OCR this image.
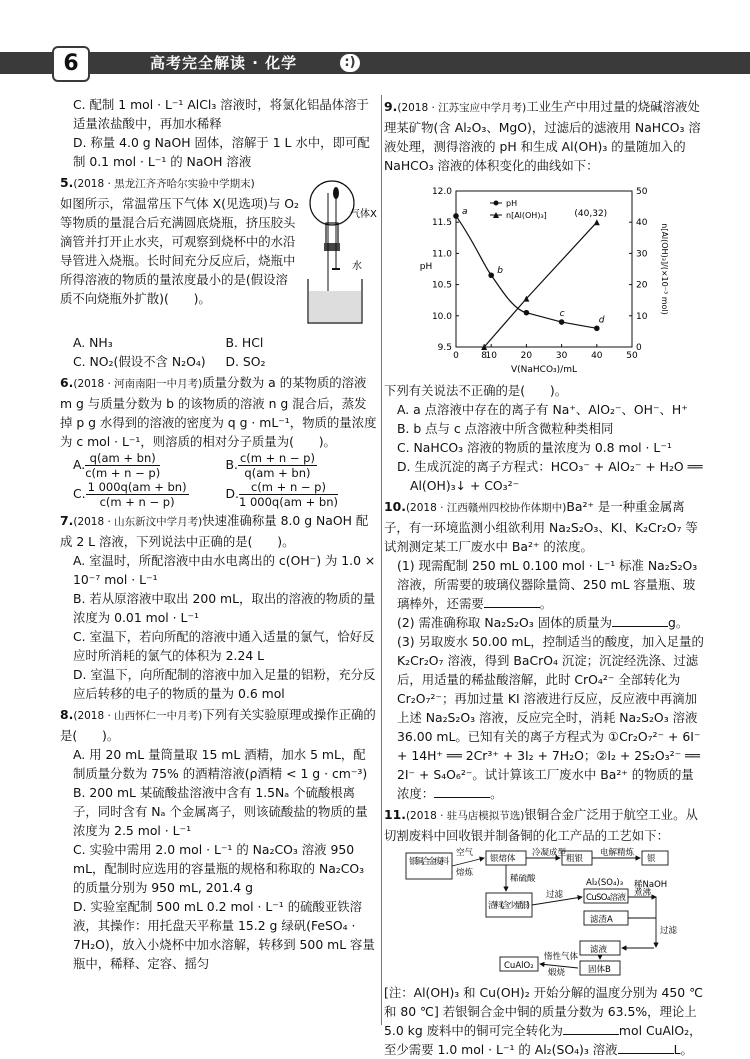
6	高考完全解读 · 化学	:)

C. 配制 1 mol · L⁻¹ AlCl₃ 溶液时，将氯化铝晶体溶于适量浓盐酸中，再加水稀释

D. 称量 4.0 g NaOH 固体，溶解于 1 L 水中，即可配制 0.1 mol · L⁻¹ 的 NaOH 溶液

气体X
水

5.(2018 · 黑龙江齐齐哈尔实验中学期末)

如图所示，常温常压下气体 X(见选项)与 O₂ 等物质的量混合后充满圆底烧瓶，挤压胶头滴管并打开止水夹，可观察到烧杯中的水沿导管进入烧瓶。长时间充分反应后，烧瓶中所得溶液的物质的量浓度最小的是(假设溶质不向烧瓶外扩散)(　　)。

A. NH₃	B. HCl
C. NO₂(假设不含 N₂O₄)	D. SO₂

6.(2018 · 河南南阳一中月考)质量分数为 a 的某物质的溶液 m g 与质量分数为 b 的该物质的溶液 n g 混合后，蒸发掉 p g 水得到的溶液的密度为 q g · mL⁻¹，物质的量浓度为 c mol · L⁻¹，则溶质的相对分子质量为(　　)。

A. $\frac{q(am + bn)}{c(m + n - p)}$	B. $\frac{c(m + n - p)}{q(am + bn)}$
C. $\frac{1 000q(am + bn)}{c(m + n - p)}$	D. $\frac{c(m + n - p)}{1 000q(am + bn)}$

7.(2018 · 山东新汶中学月考)快速准确称量 8.0 g NaOH 配成 2 L 溶液，下列说法中正确的是(　　)。

A. 室温时，所配溶液中由水电离出的 c(OH⁻) 为 1.0 × 10⁻⁷ mol · L⁻¹

B. 若从原溶液中取出 200 mL，取出的溶液的物质的量浓度为 0.01 mol · L⁻¹

C. 室温下，若向所配的溶液中通入适量的氯气，恰好反应时所消耗的氯气的体积为 2.24 L

D. 室温下，向所配制的溶液中加入足量的铝粉，充分反应后转移的电子的物质的量为 0.6 mol

8.(2018 · 山西怀仁一中月考)下列有关实验原理或操作正确的是(　　)。

A. 用 20 mL 量筒量取 15 mL 酒精，加水 5 mL，配制质量分数为 75% 的酒精溶液(ρ酒精 < 1 g · cm⁻³)

B. 200 mL 某硫酸盐溶液中含有 1.5Nₐ 个硫酸根离子，同时含有 Nₐ 个金属离子，则该硫酸盐的物质的量浓度为 2.5 mol · L⁻¹

C. 实验中需用 2.0 mol · L⁻¹ 的 Na₂CO₃ 溶液 950 mL，配制时应选用的容量瓶的规格和称取的 Na₂CO₃ 的质量分别为 950 mL, 201.4 g

D. 实验室配制 500 mL 0.2 mol · L⁻¹ 的硫酸亚铁溶液，其操作：用托盘天平称量 15.2 g 绿矾(FeSO₄ · 7H₂O)，放入小烧杯中加水溶解，转移到 500 mL 容量瓶中，稀释、定容、摇匀

9.(2018 · 江苏宝应中学月考)工业生产中用过量的烧碱溶液处理某矿物(含 Al₂O₃、MgO)，过滤后的滤液用 NaHCO₃ 溶液处理，测得溶液的 pH 和生成 Al(OH)₃ 的量随加入的 NaHCO₃ 溶液的体积变化的曲线如下：

0 8
10	20	30	40	50
9.5
10.0
10.5
11.0
11.5
12.0
0
10
20
30
40
50
V(NaHCO₃)/mL
pH	n[Al(OH)₃]/(×10⁻³ mol)
a
b
c
d
(40,32)
pH
n[Al(OH)₃]

下列有关说法不正确的是(　　)。

A. a 点溶液中存在的离子有 Na⁺、AlO₂⁻、OH⁻、H⁺

B. b 点与 c 点溶液中所含微粒种类相同

C. NaHCO₃ 溶液的物质的量浓度为 0.8 mol · L⁻¹

D. 生成沉淀的离子方程式：HCO₃⁻ + AlO₂⁻ + H₂O ══

Al(OH)₃↓ + CO₃²⁻

10.(2018 · 江西赣州四校协作体期中)Ba²⁺ 是一种重金属离子，有一环境监测小组欲利用 Na₂S₂O₃、KI、K₂Cr₂O₇ 等试剂测定某工厂废水中 Ba²⁺ 的浓度。

(1) 现需配制 250 mL 0.100 mol · L⁻¹ 标准 Na₂S₂O₃ 溶液，所需要的玻璃仪器除量筒、250 mL 容量瓶、玻璃棒外，还需要	。

(2) 需准确称取 Na₂S₂O₃ 固体的质量为	g。

(3) 另取废水 50.00 mL，控制适当的酸度，加入足量的 K₂Cr₂O₇ 溶液，得到 BaCrO₄ 沉淀；沉淀经洗涤、过滤后，用适量的稀盐酸溶解，此时 CrO₄²⁻ 全部转化为 Cr₂O₇²⁻；再加过量 KI 溶液进行反应，反应液中再滴加上述 Na₂S₂O₃ 溶液，反应完全时，消耗 Na₂S₂O₃ 溶液 36.00 mL。已知有关的离子方程式为 ①Cr₂O₇²⁻ + 6I⁻ + 14H⁺ ══ 2Cr³⁺ + 3I₂ + 7H₂O；②I₂ + 2S₂O₃²⁻ ══ 2I⁻ + S₄O₆²⁻。试计算该工厂废水中 Ba²⁺ 的物质的量浓度：	。

11.(2018 · 驻马店模拟节选)银铜合金广泛用于航空工业。从切割废料中回收银并制备铜的化工产品的工艺如下：

银铜合金废料
空气
熔炼
银熔体
冷凝成型
粗银
电解精炼
银
稀硫酸
渣料(含少量银)
过滤	CuSO₄溶液
Al₂(SO₄)₃ 稀NaOH
煮沸
滤渣A
过滤
滤液
固体B
惰性气体
煅烧
CuAlO₂

[注：Al(OH)₃ 和 Cu(OH)₂ 开始分解的温度分别为 450 ℃ 和 80 ℃] 若银铜合金中铜的质量分数为 63.5%，理论上 5.0 kg 废料中的铜可完全转化为	mol CuAlO₂，至少需要 1.0 mol · L⁻¹ 的 Al₂(SO₄)₃ 溶液	L。
